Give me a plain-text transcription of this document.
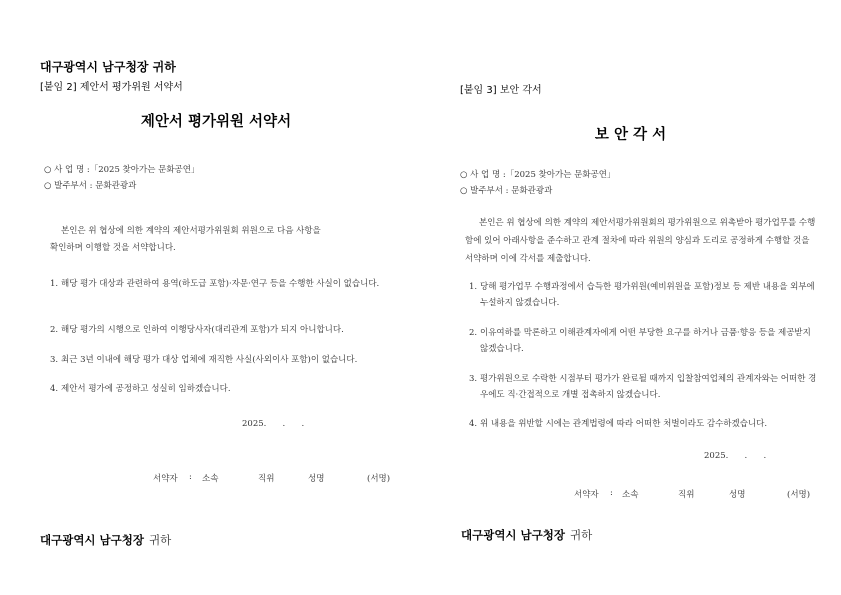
대구광역시 남구청장 귀하
[붙임 2] 제안서 평가위원 서약서
제안서 평가위원 서약서
○ 사 업 명 :「2025 찾아가는 문화공연」
○ 발주부서 : 문화관광과
본인은 위 협상에 의한 계약의 제안서평가위원회 위원으로 다음 사항을
확인하며 이행할 것을 서약합니다.
1. 해당 평가 대상과 관련하여 용역(하도급 포함)·자문·연구 등을 수행한 사실이 없습니다.
2. 해당 평가의 시행으로 인하여 이행당사자(대리관계 포함)가 되지 아니합니다.
3. 최근 3년 이내에 해당 평가 대상 업체에 재직한 사실(사외이사 포함)이 없습니다.
4. 제안서 평가에 공정하고 성실히 임하겠습니다.
2025.      .      .
서약자 : 소속	직위	성명	(서명)
대구광역시 남구청장 귀하
[붙임 3] 보안 각서
보 안 각 서
○ 사 업 명 :「2025 찾아가는 문화공연」
○ 발주부서 : 문화관광과
본인은 위 협상에 의한 계약의 제안서평가위원회의 평가위원으로 위촉받아 평가업무를 수행함에 있어 아래사항을 준수하고 관계 절차에 따라 위원의 양심과 도리로 공정하게 수행할 것을 서약하며 이에 각서를 제출합니다.
1. 당해 평가업무 수행과정에서 습득한 평가위원(예비위원을 포함)정보 등 제반 내용을 외부에 누설하지 않겠습니다.
2. 이유여하를 막론하고 이해관계자에게 어떤 부당한 요구를 하거나 금품·향응 등을 제공받지 않겠습니다.
3. 평가위원으로 수락한 시점부터 평가가 완료될 때까지 입찰참여업체의 관계자와는 어떠한 경우에도 직·간접적으로 개별 접촉하지 않겠습니다.
4. 위 내용을 위반할 시에는 관계법령에 따라 어떠한 처벌이라도 감수하겠습니다.
2025.      .      .
서약자 : 소속	직위	성명	(서명)
대구광역시 남구청장 귀하
